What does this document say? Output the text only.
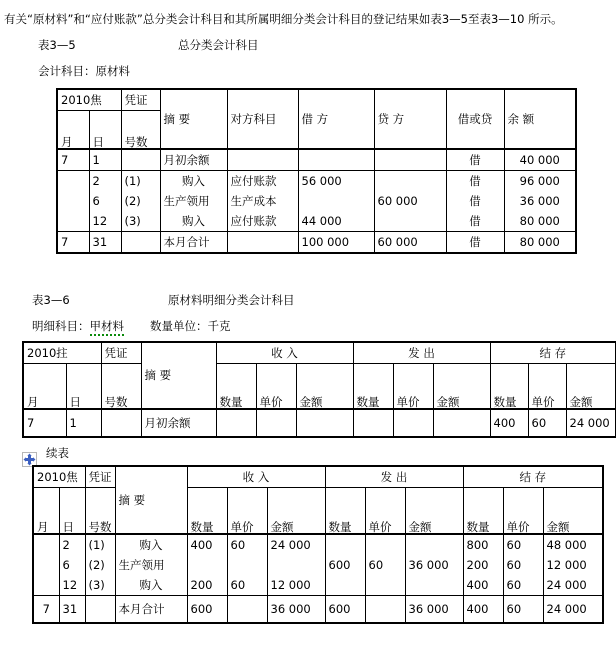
有关“原材料”和“应付账款”总分类会计科目和其所属明细分类会计科目的登记结果如表3—5至表3—10 所示。
表3—5	总分类会计科目
会计科目：原材料
2010焦		凭证	摘 要	对方科目	借 方	贷 方	借或贷	余 额
月	日	号数						
7	1		月初余额				借	40 000
	2	(1)	购入	应付账款	56 000		借	96 000
	6	(2)	生产领用	生产成本		60 000	借	36 000
	12	(3)	购入	应付账款	44 000		借	80 000
7	31		本月合计		100 000	60 000	借	80 000
表3—6	原材料明细分类会计科目
明细科目：甲材料 数量单位：千克
2010拄		凭证	摘 要	收 入			发 出			结 存		
月	日	号数		数量	单价	金额	数量	单价	金额	数量	单价	金额
7	1		月初余额							400	60	24 000
续表
2010焦		凭证	摘 要	收 入			发 出			结 存		
月	日	号数		数量	单价	金额	数量	单价	金额	数量	单价	金额
	2	(1)	购入	400	60	24 000				800	60	48 000
	6	(2)	生产领用				600	60	36 000	200	60	12 000
	12	(3)	购入	200	60	12 000				400	60	24 000
7	31		本月合计	600		36 000	600		36 000	400	60	24 000
